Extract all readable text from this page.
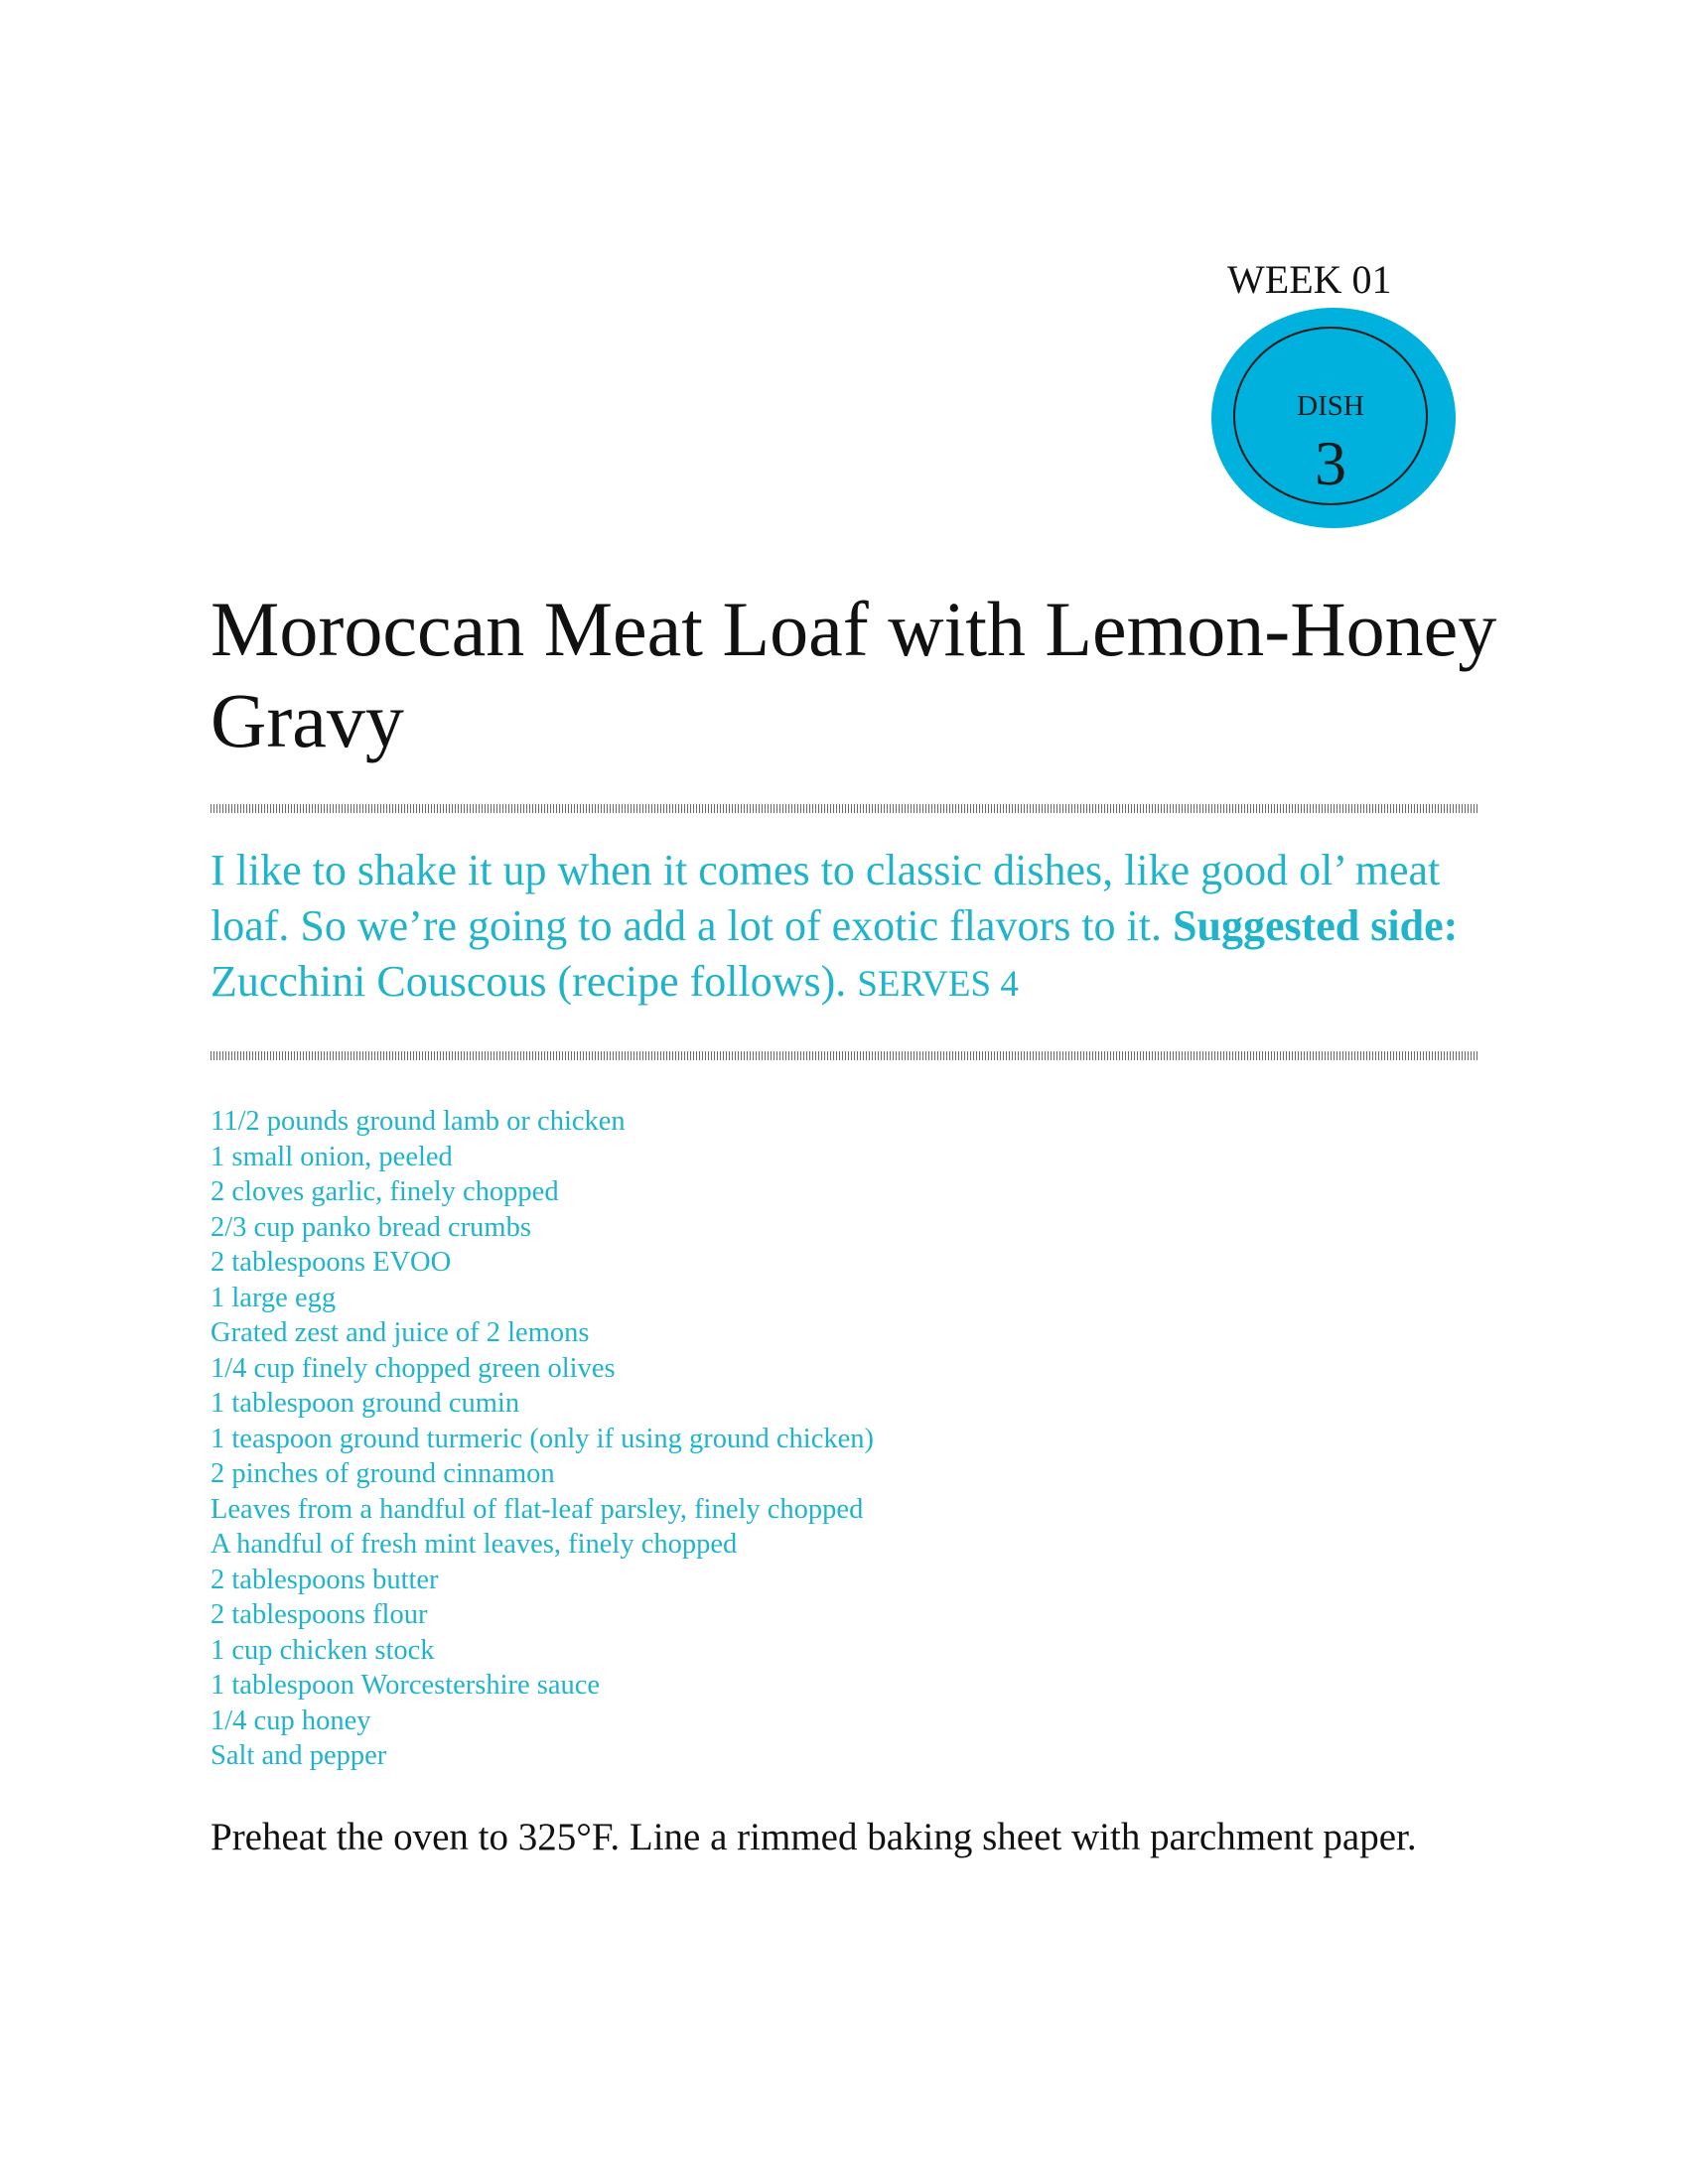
WEEK 01
DISH
3
Moroccan Meat Loaf with Lemon-Honey Gravy
I like to shake it up when it comes to classic dishes, like good ol’ meat loaf. So we’re going to add a lot of exotic flavors to it. Suggested side: Zucchini Couscous (recipe follows). SERVES 4
11/2 pounds ground lamb or chicken
1 small onion, peeled
2 cloves garlic, finely chopped
2/3 cup panko bread crumbs
2 tablespoons EVOO
1 large egg
Grated zest and juice of 2 lemons
1/4 cup finely chopped green olives
1 tablespoon ground cumin
1 teaspoon ground turmeric (only if using ground chicken)
2 pinches of ground cinnamon
Leaves from a handful of flat-leaf parsley, finely chopped
A handful of fresh mint leaves, finely chopped
2 tablespoons butter
2 tablespoons flour
1 cup chicken stock
1 tablespoon Worcestershire sauce
1/4 cup honey
Salt and pepper

Preheat the oven to 325°F. Line a rimmed baking sheet with parchment paper.
